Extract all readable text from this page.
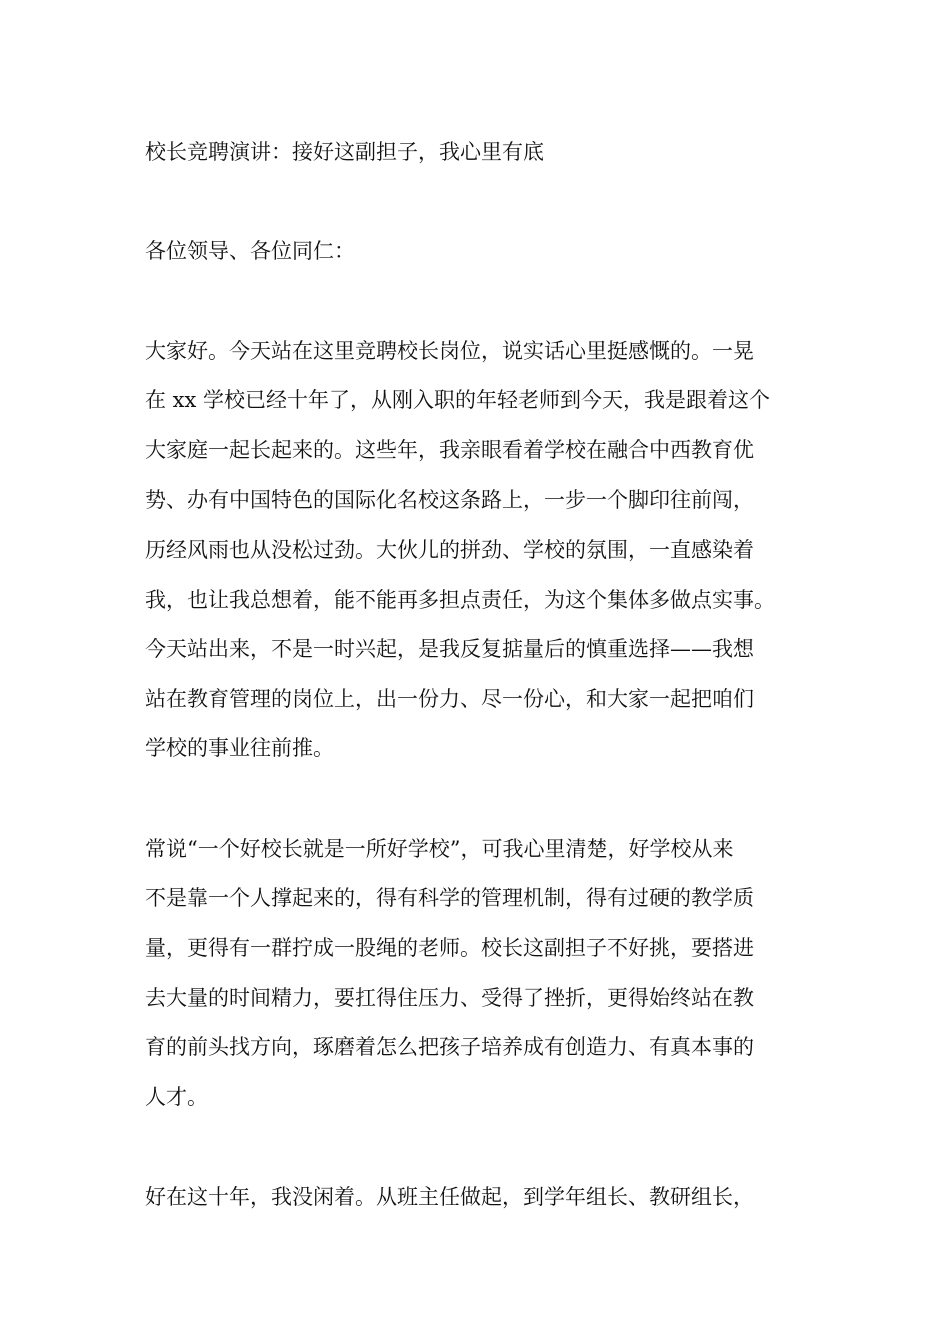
校长竞聘演讲：接好这副担子，我心里有底

各位领导、各位同仁：

大家好。今天站在这里竞聘校长岗位，说实话心里挺感慨的。一晃

在 xx 学校已经十年了，从刚入职的年轻老师到今天，我是跟着这个

大家庭一起长起来的。这些年，我亲眼看着学校在融合中西教育优

势、办有中国特色的国际化名校这条路上，一步一个脚印往前闯，

历经风雨也从没松过劲。大伙儿的拼劲、学校的氛围，一直感染着

我，也让我总想着，能不能再多担点责任，为这个集体多做点实事。

今天站出来，不是一时兴起，是我反复掂量后的慎重选择——我想

站在教育管理的岗位上，出一份力、尽一份心，和大家一起把咱们

学校的事业往前推。

常说“一个好校长就是一所好学校”，可我心里清楚，好学校从来

不是靠一个人撑起来的，得有科学的管理机制，得有过硬的教学质

量，更得有一群拧成一股绳的老师。校长这副担子不好挑，要搭进

去大量的时间精力，要扛得住压力、受得了挫折，更得始终站在教

育的前头找方向，琢磨着怎么把孩子培养成有创造力、有真本事的

人才。

好在这十年，我没闲着。从班主任做起，到学年组长、教研组长，
